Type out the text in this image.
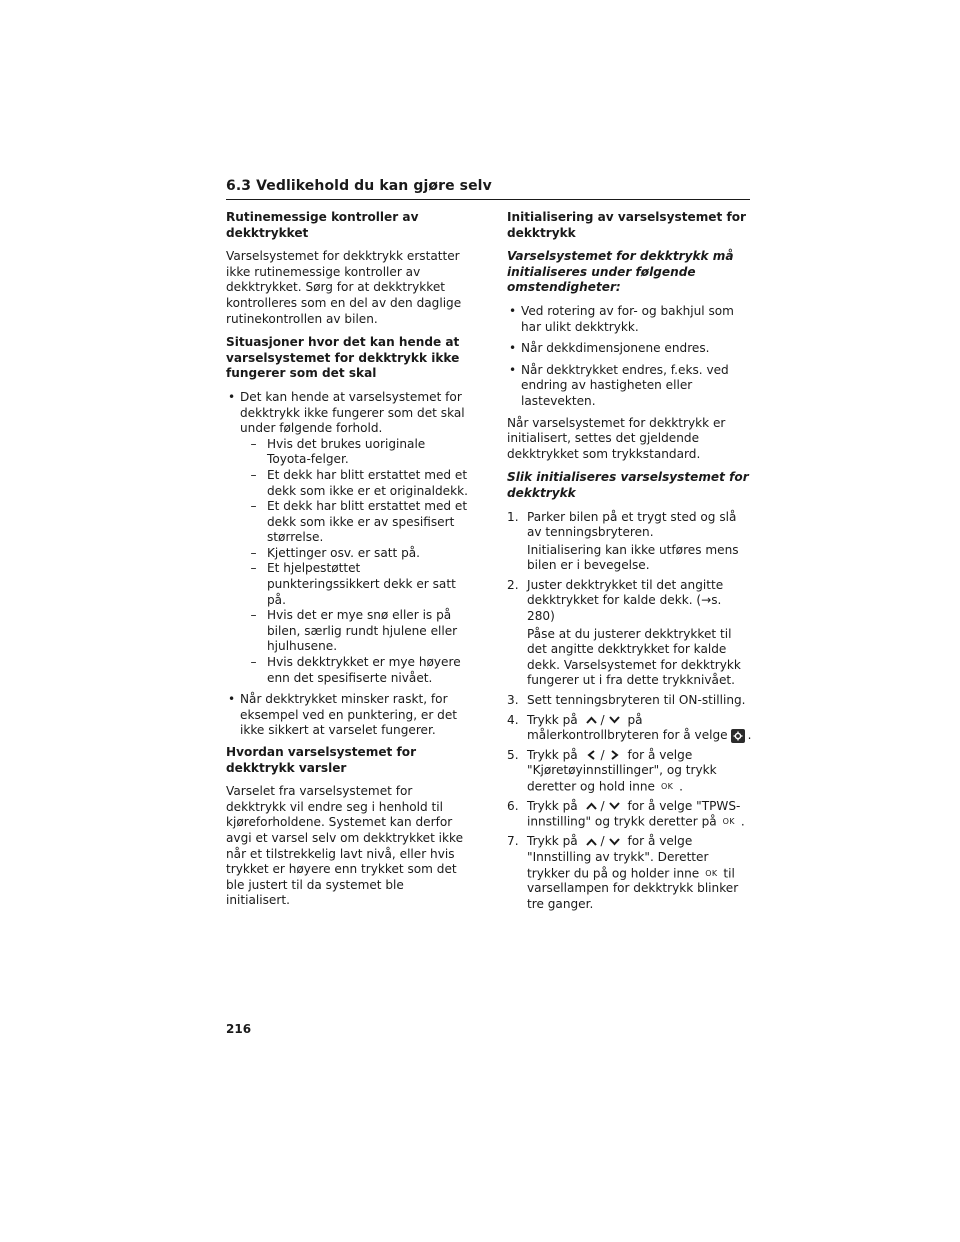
6.3 Vedlikehold du kan gjøre selv
Rutinemessige kontroller av dekktrykket

Varselsystemet for dekktrykk erstatter ikke rutinemessige kontroller av dekktrykket. Sørg for at dekktrykket kontrolleres som en del av den daglige rutinekontrollen av bilen.

Situasjoner hvor det kan hende at varselsystemet for dekktrykk ikke fungerer som det skal
• Det kan hende at varselsystemet for dekktrykk ikke fungerer som det skal under følgende forhold.
– Hvis det brukes uoriginale Toyota-felger.
– Et dekk har blitt erstattet med et dekk som ikke er et originaldekk.
– Et dekk har blitt erstattet med et dekk som ikke er av spesifisert størrelse.
– Kjettinger osv. er satt på.
– Et hjelpestøttet punkteringssikkert dekk er satt på.
– Hvis det er mye snø eller is på bilen, særlig rundt hjulene eller hjulhusene.
– Hvis dekktrykket er mye høyere enn det spesifiserte nivået.
• Når dekktrykket minsker raskt, for eksempel ved en punktering, er det ikke sikkert at varselet fungerer.
Hvordan varselsystemet for dekktrykk varsler

Varselet fra varselsystemet for dekktrykk vil endre seg i henhold til kjøreforholdene. Systemet kan derfor avgi et varsel selv om dekktrykket ikke når et tilstrekkelig lavt nivå, eller hvis trykket er høyere enn trykket som det ble justert til da systemet ble initialisert.

Initialisering av varselsystemet for dekktrykk
Varselsystemet for dekktrykk må initialiseres under følgende omstendigheter:
• Ved rotering av for- og bakhjul som har ulikt dekktrykk.
• Når dekkdimensjonene endres.
• Når dekktrykket endres, f.eks. ved endring av hastigheten eller lastevekten.

Når varselsystemet for dekktrykk er initialisert, settes det gjeldende dekktrykket som trykkstandard.

Slik initialiseres varselsystemet for dekktrykk
1. Parker bilen på et trygt sted og slå av tenningsbryteren.
Initialisering kan ikke utføres mens bilen er i bevegelse.
2. Juster dekktrykket til det angitte dekktrykket for kalde dekk. (→s. 280)
Påse at du justerer dekktrykket til det angitte dekktrykket for kalde dekk. Varselsystemet for dekktrykk fungerer ut i fra dette trykknivået.
3. Sett tenningsbryteren til ON-stilling.
4. Trykk på / på målerkontrollbryteren for å velge .
5. Trykk på / for å velge "Kjøretøyinnstillinger", og trykk deretter og hold inne OK .
6. Trykk på / for å velge "TPWS-innstilling" og trykk deretter på OK .
7. Trykk på / for å velge "Innstilling av trykk". Deretter trykker du på og holder inne OK til varsellampen for dekktrykk blinker tre ganger.
216
